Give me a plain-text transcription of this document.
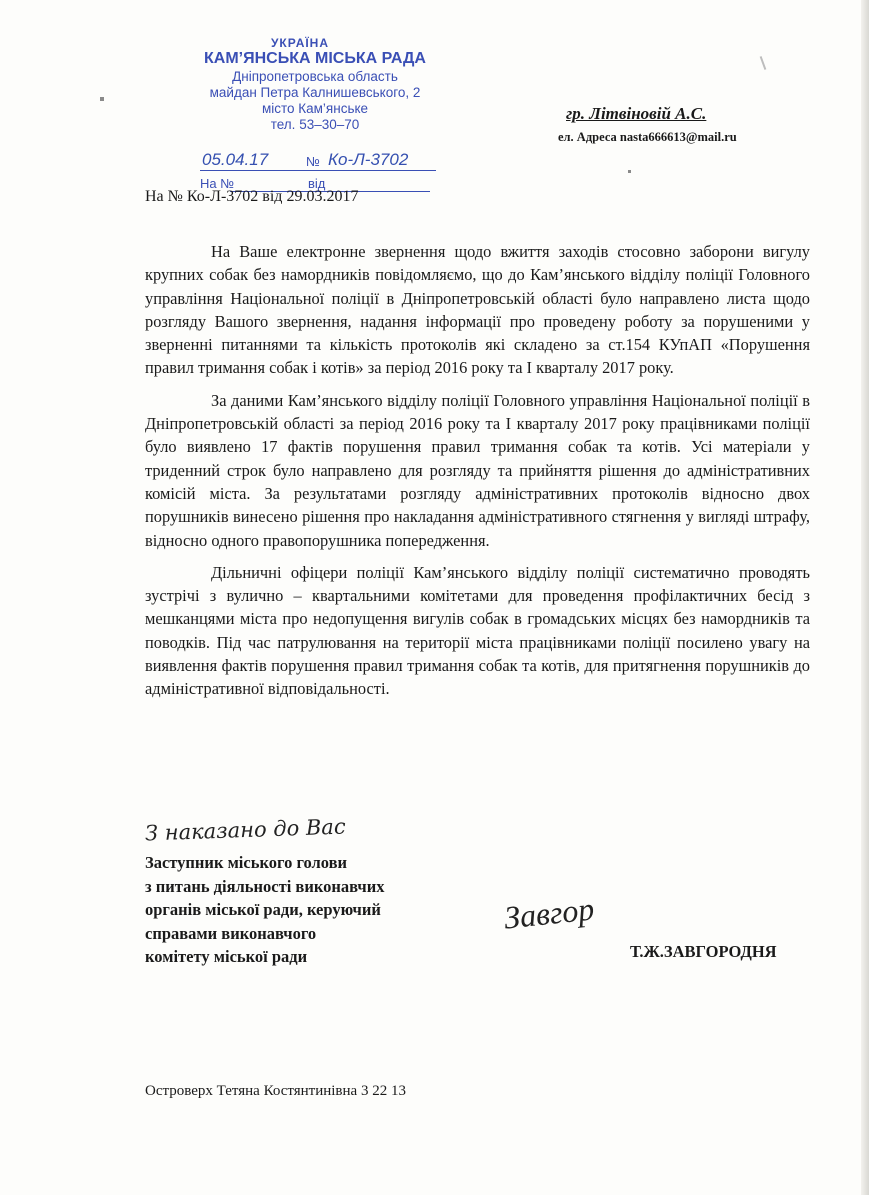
УКРАЇНА
КАМ’ЯНСЬКА МІСЬКА РАДА
Дніпропетровська область
майдан Петра Калнишевського, 2
місто Кам’янське
тел. 53–30–70
05.04.17	№ Ко-Л-3702
На №	від
гр. Літвіновій А.С.
ел. Адреса nasta666613@mail.ru
На № Ко-Л-3702 від 29.03.2017

На Ваше електронне звернення щодо вжиття заходів стосовно заборони вигулу крупних собак без намордників повідомляємо, що до Кам’янського відділу поліції Головного управління Національної поліції в Дніпропетровській області було направлено листа щодо розгляду Вашого звернення, надання інформації про проведену роботу за порушеними у зверненні питаннями та кількість протоколів які складено за ст.154 КУпАП «Порушення правил тримання собак і котів» за період 2016 року та I кварталу 2017 року.

За даними Кам’янського відділу поліції Головного управління Національної поліції в Дніпропетровській області за період 2016 року та I кварталу 2017 року працівниками поліції було виявлено 17 фактів порушення правил тримання собак та котів. Усі матеріали у триденний строк було направлено для розгляду та прийняття рішення до адміністративних комісій міста. За результатами розгляду адміністративних протоколів відносно двох порушників винесено рішення про накладання адміністративного стягнення у вигляді штрафу, відносно одного правопорушника попередження.

Дільничні офіцери поліції Кам’янського відділу поліції систематично проводять зустрічі з вулично – квартальними комітетами для проведення профілактичних бесід з мешканцями міста про недопущення вигулів собак в громадських місцях без намордників та поводків. Під час патрулювання на території міста працівниками поліції посилено увагу на виявлення фактів порушення правил тримання собак та котів, для притягнення порушників до адміністративної відповідальності.

З наказано до Вас
Заступник міського голови
з питань діяльності виконавчих
органів міської ради, керуючий
справами виконавчого
комітету міської ради
Завгор
Т.Ж.ЗАВГОРОДНЯ
Островерх Тетяна Костянтинівна 3 22 13
